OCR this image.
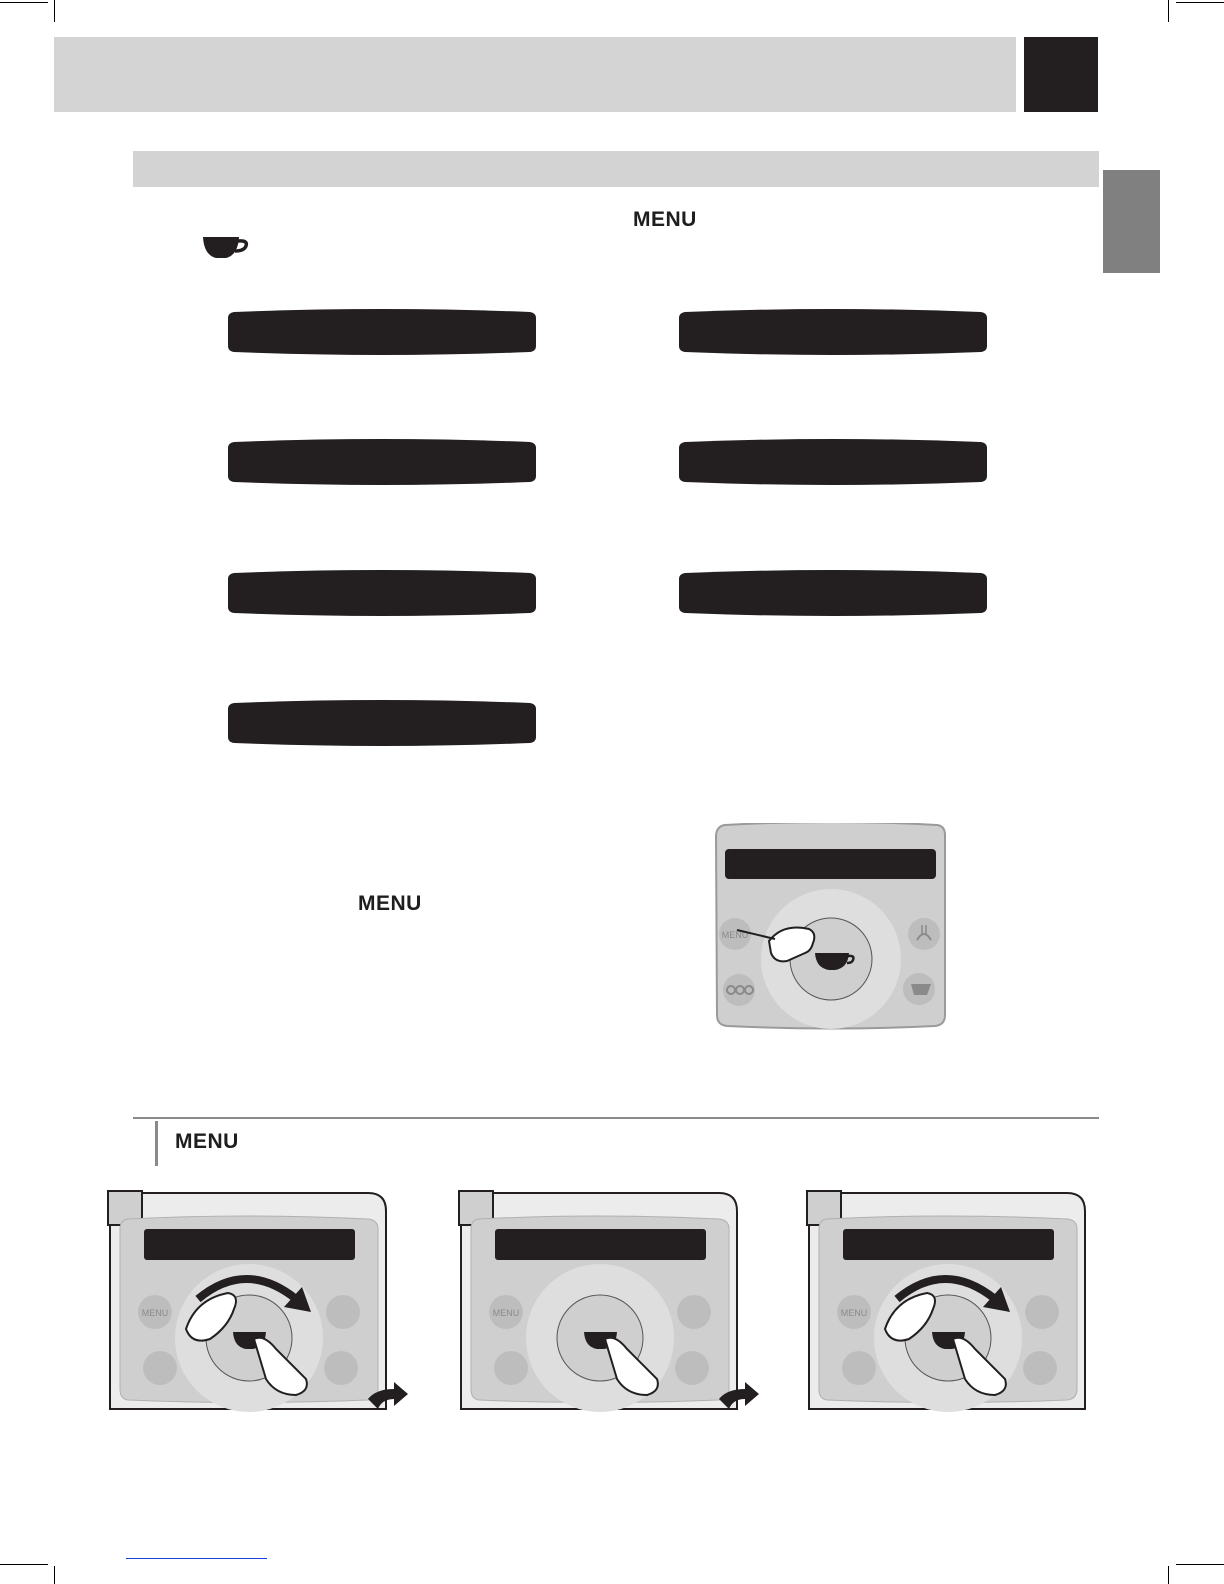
MENU
MENU
MENU
MENU
MENU	MENU	MENU
